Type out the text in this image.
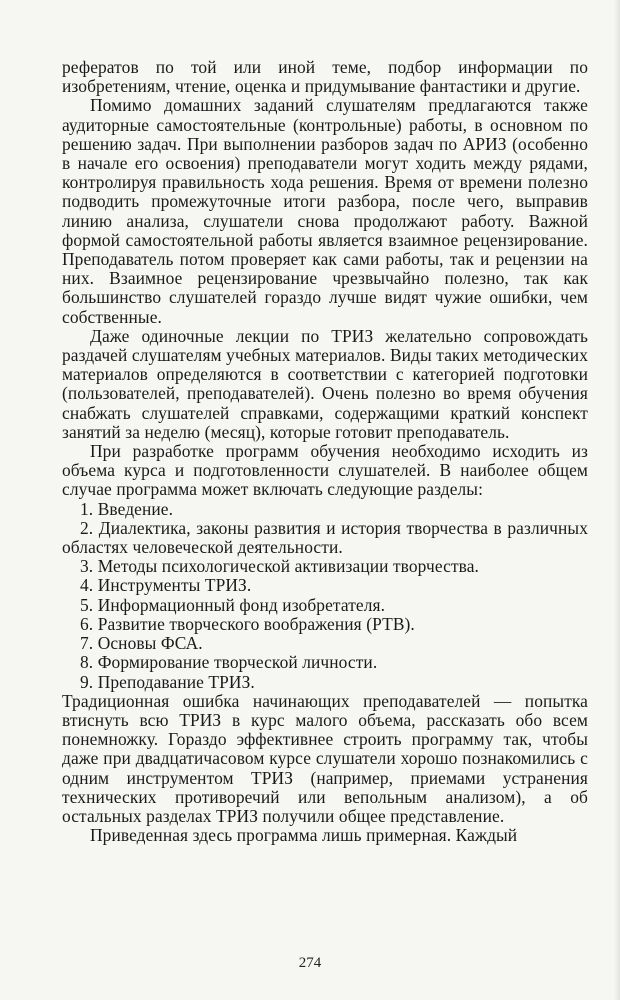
рефератов по той или иной теме, подбор информации по изобретениям, чтение, оценка и придумывание фантастики и другие.

Помимо домашних заданий слушателям предлагаются также аудиторные самостоятельные (контрольные) работы, в основном по решению задач. При выполнении разборов задач по АРИЗ (особенно в начале его освоения) преподаватели могут ходить между рядами, контролируя правильность хода решения. Время от времени полезно подводить промежуточные итоги разбора, после чего, выправив линию анализа, слушатели снова продолжают работу. Важной формой самостоятельной работы является взаимное рецензирование. Преподаватель потом проверяет как сами работы, так и рецензии на них. Взаимное рецензирование чрезвычайно полезно, так как большинство слушателей гораздо лучше видят чужие ошибки, чем собственные.

Даже одиночные лекции по ТРИЗ желательно сопровождать раздачей слушателям учебных материалов. Виды таких методических материалов определяются в соответствии с категорией подготовки (пользователей, преподавателей). Очень полезно во время обучения снабжать слушателей справками, содержащими краткий конспект занятий за неделю (месяц), которые готовит преподаватель.

При разработке программ обучения необходимо исходить из объема курса и подготовленности слушателей. В наиболее общем случае программа может включать следующие разделы:

1. Введение.
2. Диалектика, законы развития и история творчества в различных областях человеческой деятельности.
3. Методы психологической активизации творчества.
4. Инструменты ТРИЗ.
5. Информационный фонд изобретателя.
6. Развитие творческого воображения (РТВ).
7. Основы ФСА.
8. Формирование творческой личности.
9. Преподавание ТРИЗ.

Традиционная ошибка начинающих преподавателей — попытка втиснуть всю ТРИЗ в курс малого объема, рассказать обо всем понемножку. Гораздо эффективнее строить программу так, чтобы даже при двадцатичасовом курсе слушатели хорошо познакомились с одним инструментом ТРИЗ (например, приемами устранения технических противоречий или вепольным анализом), а об остальных разделах ТРИЗ получили общее представление.

Приведенная здесь программа лишь примерная. Каждый

274
